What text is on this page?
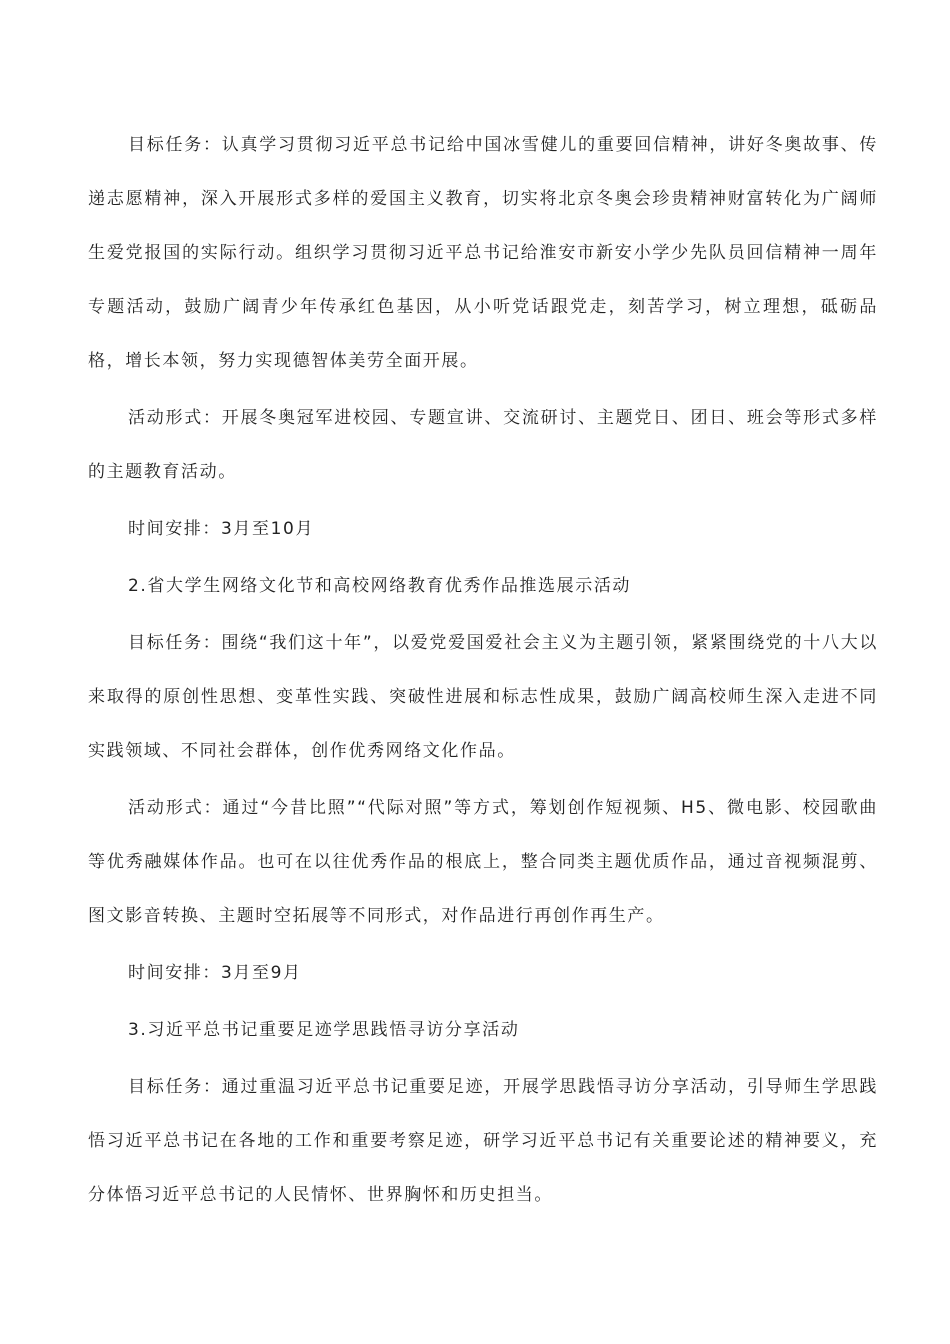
目标任务：认真学习贯彻习近平总书记给中国冰雪健儿的重要回信精神，讲好冬奥故事、传递志愿精神，深入开展形式多样的爱国主义教育，切实将北京冬奥会珍贵精神财富转化为广阔师生爱党报国的实际行动。组织学习贯彻习近平总书记给淮安市新安小学少先队员回信精神一周年专题活动，鼓励广阔青少年传承红色基因，从小听党话跟党走，刻苦学习，树立理想，砥砺品格，增长本领，努力实现德智体美劳全面开展。

活动形式：开展冬奥冠军进校园、专题宣讲、交流研讨、主题党日、团日、班会等形式多样的主题教育活动。

时间安排：3月至10月

2.省大学生网络文化节和高校网络教育优秀作品推选展示活动

目标任务：围绕“我们这十年”，以爱党爱国爱社会主义为主题引领，紧紧围绕党的十八大以来取得的原创性思想、变革性实践、突破性进展和标志性成果，鼓励广阔高校师生深入走进不同实践领域、不同社会群体，创作优秀网络文化作品。

活动形式：通过“今昔比照”“代际对照”等方式，筹划创作短视频、H5、微电影、校园歌曲等优秀融媒体作品。也可在以往优秀作品的根底上，整合同类主题优质作品，通过音视频混剪、图文影音转换、主题时空拓展等不同形式，对作品进行再创作再生产。

时间安排：3月至9月

3.习近平总书记重要足迹学思践悟寻访分享活动

目标任务：通过重温习近平总书记重要足迹，开展学思践悟寻访分享活动，引导师生学思践悟习近平总书记在各地的工作和重要考察足迹，研学习近平总书记有关重要论述的精神要义，充分体悟习近平总书记的人民情怀、世界胸怀和历史担当。
